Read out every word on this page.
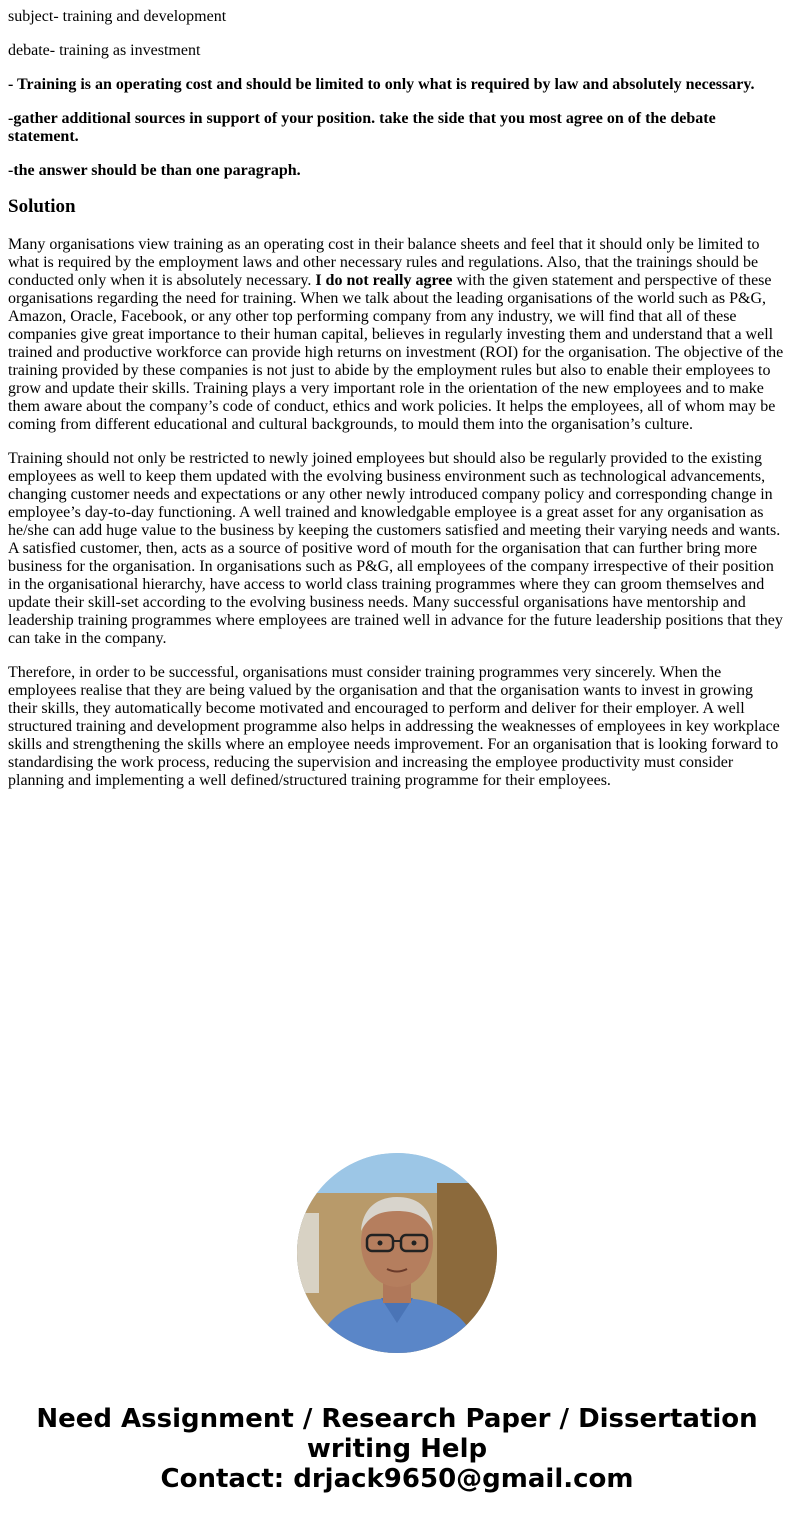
subject- training and development

debate- training as investment

- Training is an operating cost and should be limited to only what is required by law and absolutely necessary.

-gather additional sources in support of your position. take the side that you most agree on of the debate statement.

-the answer should be than one paragraph.

Solution

Many organisations view training as an operating cost in their balance sheets and feel that it should only be limited to what is required by the employment laws and other necessary rules and regulations. Also, that the trainings should be conducted only when it is absolutely necessary. I do not really agree with the given statement and perspective of these organisations regarding the need for training. When we talk about the leading organisations of the world such as P&G, Amazon, Oracle, Facebook, or any other top performing company from any industry, we will find that all of these companies give great importance to their human capital, believes in regularly investing them and understand that a well trained and productive workforce can provide high returns on investment (ROI) for the organisation. The objective of the training provided by these companies is not just to abide by the employment rules but also to enable their employees to grow and update their skills. Training plays a very important role in the orientation of the new employees and to make them aware about the company’s code of conduct, ethics and work policies. It helps the employees, all of whom may be coming from different educational and cultural backgrounds, to mould them into the organisation’s culture.

Training should not only be restricted to newly joined employees but should also be regularly provided to the existing employees as well to keep them updated with the evolving business environment such as technological advancements, changing customer needs and expectations or any other newly introduced company policy and corresponding change in employee’s day-to-day functioning. A well trained and knowledgable employee is a great asset for any organisation as he/she can add huge value to the business by keeping the customers satisfied and meeting their varying needs and wants. A satisfied customer, then, acts as a source of positive word of mouth for the organisation that can further bring more business for the organisation. In organisations such as P&G, all employees of the company irrespective of their position in the organisational hierarchy, have access to world class training programmes where they can groom themselves and update their skill-set according to the evolving business needs. Many successful organisations have mentorship and leadership training programmes where employees are trained well in advance for the future leadership positions that they can take in the company.

Therefore, in order to be successful, organisations must consider training programmes very sincerely. When the employees realise that they are being valued by the organisation and that the organisation wants to invest in growing their skills, they automatically become motivated and encouraged to perform and deliver for their employer. A well structured training and development programme also helps in addressing the weaknesses of employees in key workplace skills and strengthening the skills where an employee needs improvement. For an organisation that is looking forward to standardising the work process, reducing the supervision and increasing the employee productivity must consider planning and implementing a well defined/structured training programme for their employees.

Need Assignment / Research Paper / Dissertation
writing Help
Contact: drjack9650@gmail.com
